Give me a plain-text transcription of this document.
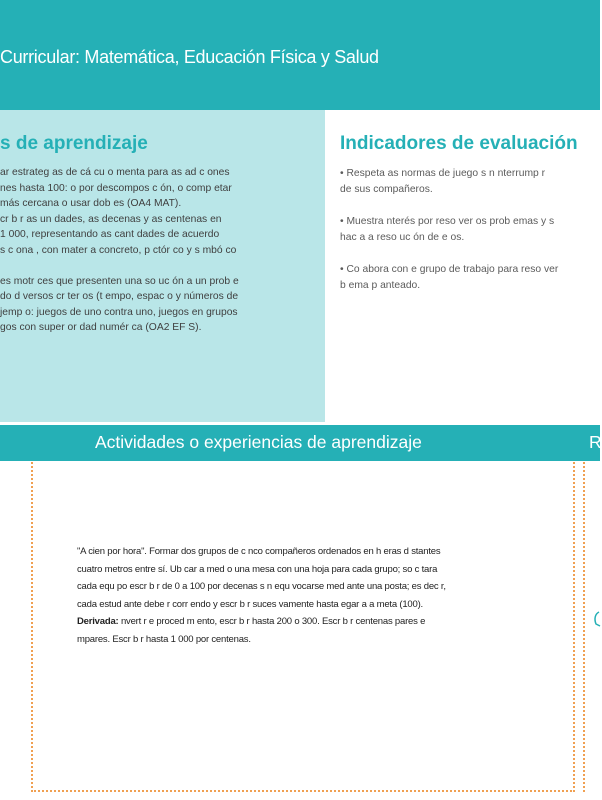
Curricular: Matemática, Educación Física y Salud
s de aprendizaje	Indicadores de evaluación

ar estrateg as de cá cu o menta para as ad c ones

nes hasta 100: o por descompos c ón, o comp etar

más cercana o usar dob es (OA4 MAT).

cr b r as un dades, as decenas y as centenas en

1 000, representando as cant dades de acuerdo

s c ona , con mater a concreto, p ctór co y s mbó co

es motr ces que presenten una so uc ón a un prob e

do d versos cr ter os (t empo, espac o y números de

jemp o: juegos de uno contra uno, juegos en grupos

gos con super or dad numér ca (OA2 EF S).

• Respeta as normas de juego s n nterrump r

de sus compañeros.

• Muestra nterés por reso ver os prob emas y s

hac a a reso uc ón de e os.

• Co abora con e grupo de trabajo para reso ver

b ema p anteado.

Actividades o experiencias de aprendizaje	R

"A cien por hora". Formar dos grupos de c nco compañeros ordenados en h eras d stantes

cuatro metros entre sí. Ub car a med o una mesa con una hoja para cada grupo; so c tara

cada equ po escr b r de 0 a 100 por decenas s n equ vocarse med ante una posta; es dec r,

cada estud ante debe r corr endo y escr b r suces vamente hasta egar a a meta (100).

Derivada: nvert r e proced m ento, escr b r hasta 200 o 300. Escr b r centenas pares e

mpares. Escr b r hasta 1 000 por centenas.
